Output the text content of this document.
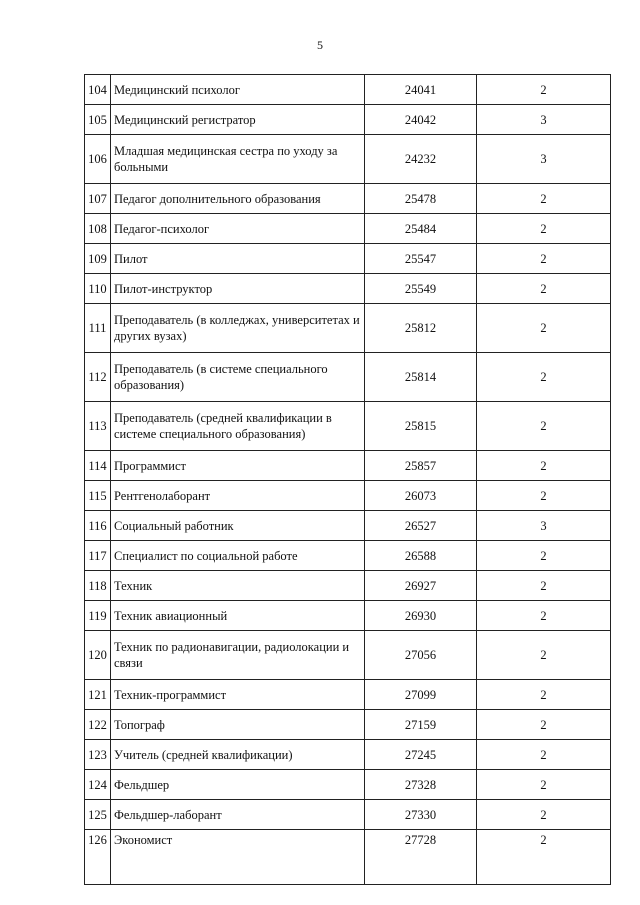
5
104	Медицинский психолог	24041	2
105	Медицинский регистратор	24042	3
106	Младшая медицинская сестра по уходу за больными	24232	3
107	Педагог дополнительного образования	25478	2
108	Педагог-психолог	25484	2
109	Пилот	25547	2
110	Пилот-инструктор	25549	2
111	Преподаватель (в колледжах, университетах и других вузах)	25812	2
112	Преподаватель (в системе специального образования)	25814	2
113	Преподаватель (средней квалификации в системе специального образования)	25815	2
114	Программист	25857	2
115	Рентгенолаборант	26073	2
116	Социальный работник	26527	3
117	Специалист по социальной работе	26588	2
118	Техник	26927	2
119	Техник авиационный	26930	2
120	Техник по радионавигации, радиолокации и связи	27056	2
121	Техник-программист	27099	2
122	Топограф	27159	2
123	Учитель (средней квалификации)	27245	2
124	Фельдшер	27328	2
125	Фельдшер-лаборант	27330	2
126	Экономист	27728	2
